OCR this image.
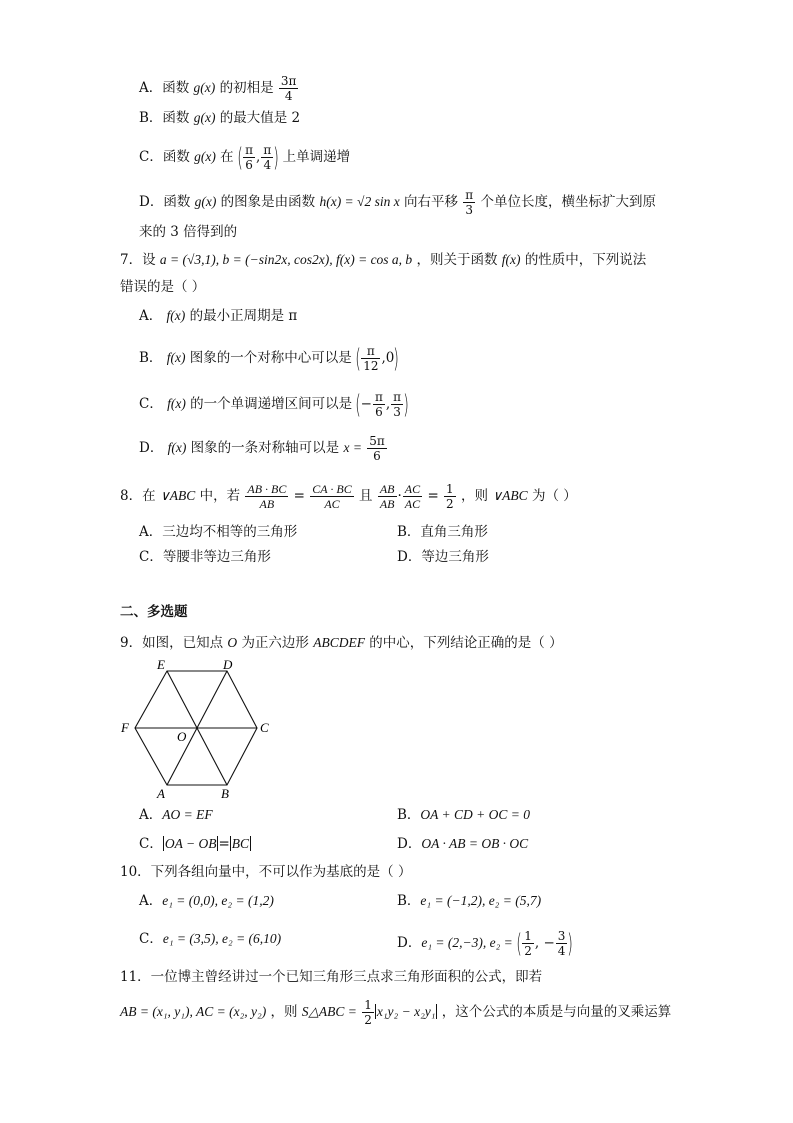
A．函数 g(x) 的初相是 $\frac{3\pi}{4}$
B．函数 g(x) 的最大值是 2
C．函数 g(x) 在 ( $\frac{\pi}{6}$ , $\frac{\pi}{4}$ ) 上单调递增
D．函数 g(x) 的图象是由函数 h(x) = √2 sin x 向右平移 $\frac{\pi}{3}$ 个单位长度，横坐标扩大到原
来的 3 倍得到的
7．设 a = (√3,1), b = (−sin2x, cos2x), f(x) = cos a, b ，则关于函数 f(x) 的性质中，下列说法
错误的是（ ）
A． f(x) 的最小正周期是 π
B． f(x) 图象的一个对称中心可以是 ( $\frac{\pi}{12} ,0$)
C． f(x) 的一个单调递增区间可以是 (− $\frac{\pi}{6}$ , $\frac{\pi}{3}$ )
D． f(x) 图象的一条对称轴可以是 $x = \frac{5\pi}{6}$
8．在 ∨ABC 中，若 $\frac{AB \cdot BC}{AB} = \frac{CA \cdot BC}{AC}$ 且 $\frac{AB}{AB} \cdot \frac{AC}{AC} = \frac{1}{2}$ ，则 ∨ABC 为（ ）
A．三边均不相等的三角形	B．直角三角形
C．等腰非等边三角形	D．等边三角形
二、多选题
9．如图，已知点 O 为正六边形 ABCDEF 的中心，下列结论正确的是（ ）
E	D
F	C
O
A	B
A．AO = EF	B．OA + CD + OC = 0
C． OA − OB = BC	D．OA · AB = OB · OC
10．下列各组向量中，不可以作为基底的是（ ）
A．e₁ = (0,0), e₂ = (1,2)	B．e₁ = (−1,2), e₂ = (5,7)
C．e₁ = (3,5), e₂ = (6,10)	D．e₁ = (2,−3), e₂ = ( $\frac{1}{2}$ , − $\frac{3}{4}$ )
11．一位博主曾经讲过一个已知三角形三点求三角形面积的公式，即若
AB = (x₁, y₁), AC = (x₂, y₂) ，则 S△ABC = $\frac{1}{2} x_1y_2 - x_2y_1$ ，这个公式的本质是与向量的叉乘运算
